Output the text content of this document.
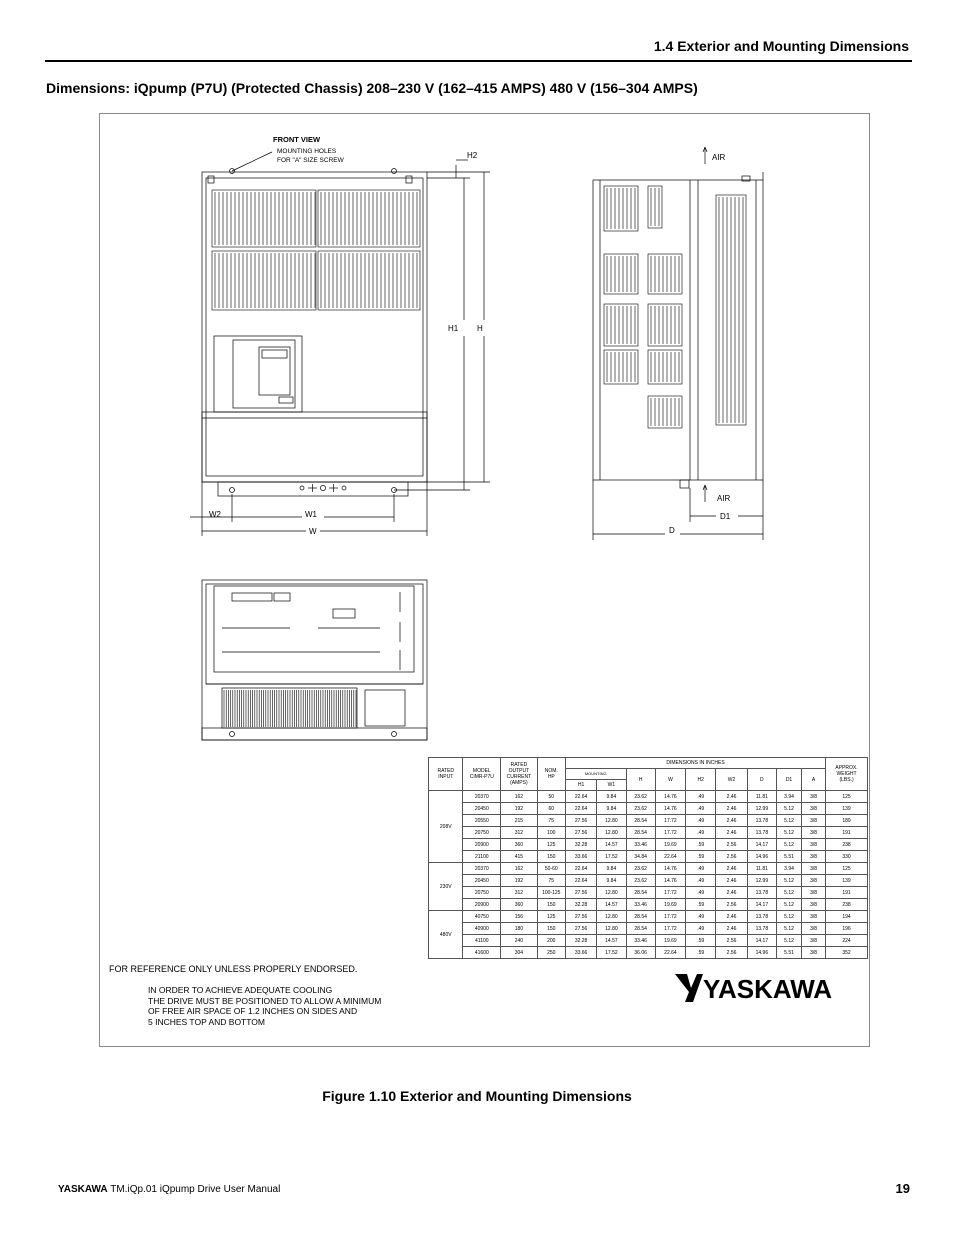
1.4 Exterior and Mounting Dimensions
Dimensions: iQpump (P7U) (Protected Chassis) 208–230 V (162–415 AMPS) 480 V (156–304 AMPS)
FRONT VIEW
MOUNTING HOLES
FOR "A" SIZE SCREW
H2
H1 H
W2	W1
W
AIR
AIR
D1
D
RATED
INPUT	MODEL
CIMR-P7U	RATED
OUTPUT
CURRENT
(AMPS)	NOM.
HP	DIMENSIONS IN INCHES									APPROX.
WEIGHT
(LBS.)
				MOUNTING		H	W	H2	W2	D	D1	A	
				H1	W1								
208V	20370	162	50	22.64	9.84	23.62	14.76	.49	2.46	11.81	3.94	3/8	125
	20450	192	60	22.64	9.84	23.62	14.76	.49	2.46	12.99	5.12	3/8	139
	20550	215	75	27.56	12.80	28.54	17.72	.49	2.46	13.78	5.12	3/8	189
	20750	312	100	27.56	12.80	28.54	17.72	.49	2.46	13.78	5.12	3/8	191
	20900	360	125	32.28	14.57	33.46	19.69	.59	2.56	14.17	5.12	3/8	238
	21100	415	150	33.66	17.52	34.84	22.64	.59	2.56	14.96	5.51	3/8	330
230V	20370	162	50-60	22.64	9.84	23.62	14.76	.49	2.46	11.81	3.94	3/8	125
	20450	192	75	22.64	9.84	23.62	14.76	.49	2.46	12.99	5.12	3/8	139
	20750	312	100-125	27.56	12.80	28.54	17.72	.49	2.46	13.78	5.12	3/8	191
	20900	360	150	32.28	14.57	33.46	19.69	.59	2.56	14.17	5.12	3/8	238
480V	40750	156	125	27.56	12.80	28.54	17.72	.49	2.46	13.78	5.12	3/8	194
	40900	180	150	27.56	12.80	28.54	17.72	.49	2.46	13.78	5.12	3/8	196
	41100	240	200	32.28	14.57	33.46	19.69	.59	2.56	14.17	5.12	3/8	224
	41600	304	250	33.66	17.52	36.06	22.64	.59	2.56	14.96	5.51	3/8	352
FOR REFERENCE ONLY UNLESS PROPERLY ENDORSED.
IN ORDER TO ACHIEVE ADEQUATE COOLING
THE DRIVE MUST BE POSITIONED TO ALLOW A MINIMUM
OF FREE AIR SPACE OF 1.2 INCHES ON SIDES AND
5 INCHES TOP AND BOTTOM
YASKAWA
Figure 1.10 Exterior and Mounting Dimensions
YASKAWA TM.iQp.01 iQpump Drive User Manual	19
